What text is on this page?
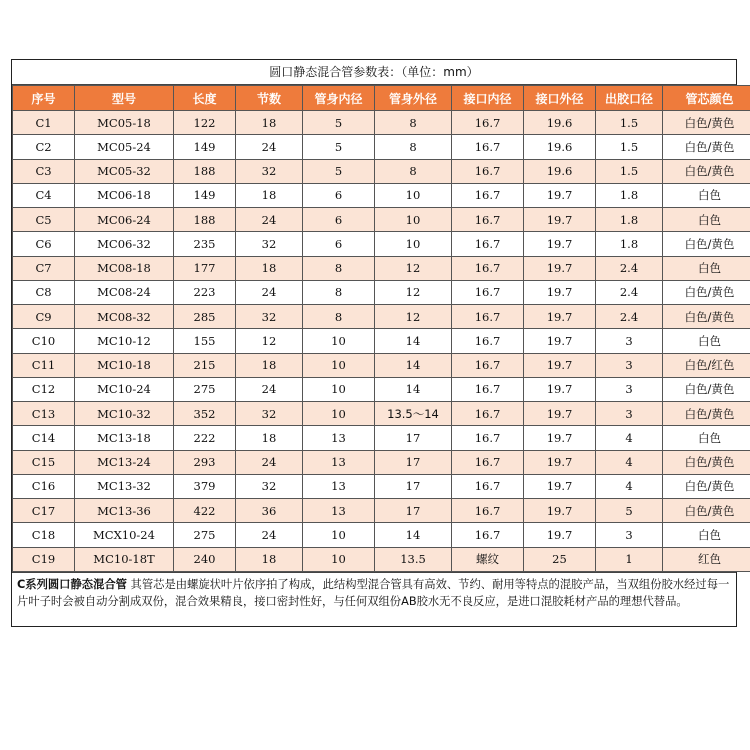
圆口静态混合管参数表：（单位：mm）
序号	型号	长度	节数	管身内径	管身外径	接口内径	接口外径	出胶口径	管芯颜色
C1	MC05-18	122	18	5	8	16.7	19.6	1.5	白色/黄色
C2	MC05-24	149	24	5	8	16.7	19.6	1.5	白色/黄色
C3	MC05-32	188	32	5	8	16.7	19.6	1.5	白色/黄色
C4	MC06-18	149	18	6	10	16.7	19.7	1.8	白色
C5	MC06-24	188	24	6	10	16.7	19.7	1.8	白色
C6	MC06-32	235	32	6	10	16.7	19.7	1.8	白色/黄色
C7	MC08-18	177	18	8	12	16.7	19.7	2.4	白色
C8	MC08-24	223	24	8	12	16.7	19.7	2.4	白色/黄色
C9	MC08-32	285	32	8	12	16.7	19.7	2.4	白色/黄色
C10	MC10-12	155	12	10	14	16.7	19.7	3	白色
C11	MC10-18	215	18	10	14	16.7	19.7	3	白色/红色
C12	MC10-24	275	24	10	14	16.7	19.7	3	白色/黄色
C13	MC10-32	352	32	10	13.5～14	16.7	19.7	3	白色/黄色
C14	MC13-18	222	18	13	17	16.7	19.7	4	白色
C15	MC13-24	293	24	13	17	16.7	19.7	4	白色/黄色
C16	MC13-32	379	32	13	17	16.7	19.7	4	白色/黄色
C17	MC13-36	422	36	13	17	16.7	19.7	5	白色/黄色
C18	MCX10-24	275	24	10	14	16.7	19.7	3	白色
C19	MC10-18T	240	18	10	13.5	螺纹	25	1	红色
C系列圆口静态混合管 其管芯是由螺旋状叶片依序拍了构成，此结构型混合管具有高效、节约、耐用等特点的混胶产品，当双组份胶水经过每一片叶子时会被自动分割成双份，混合效果精良，接口密封性好，与任何双组份AB胶水无不良反应，是进口混胶耗材产品的理想代替品。
